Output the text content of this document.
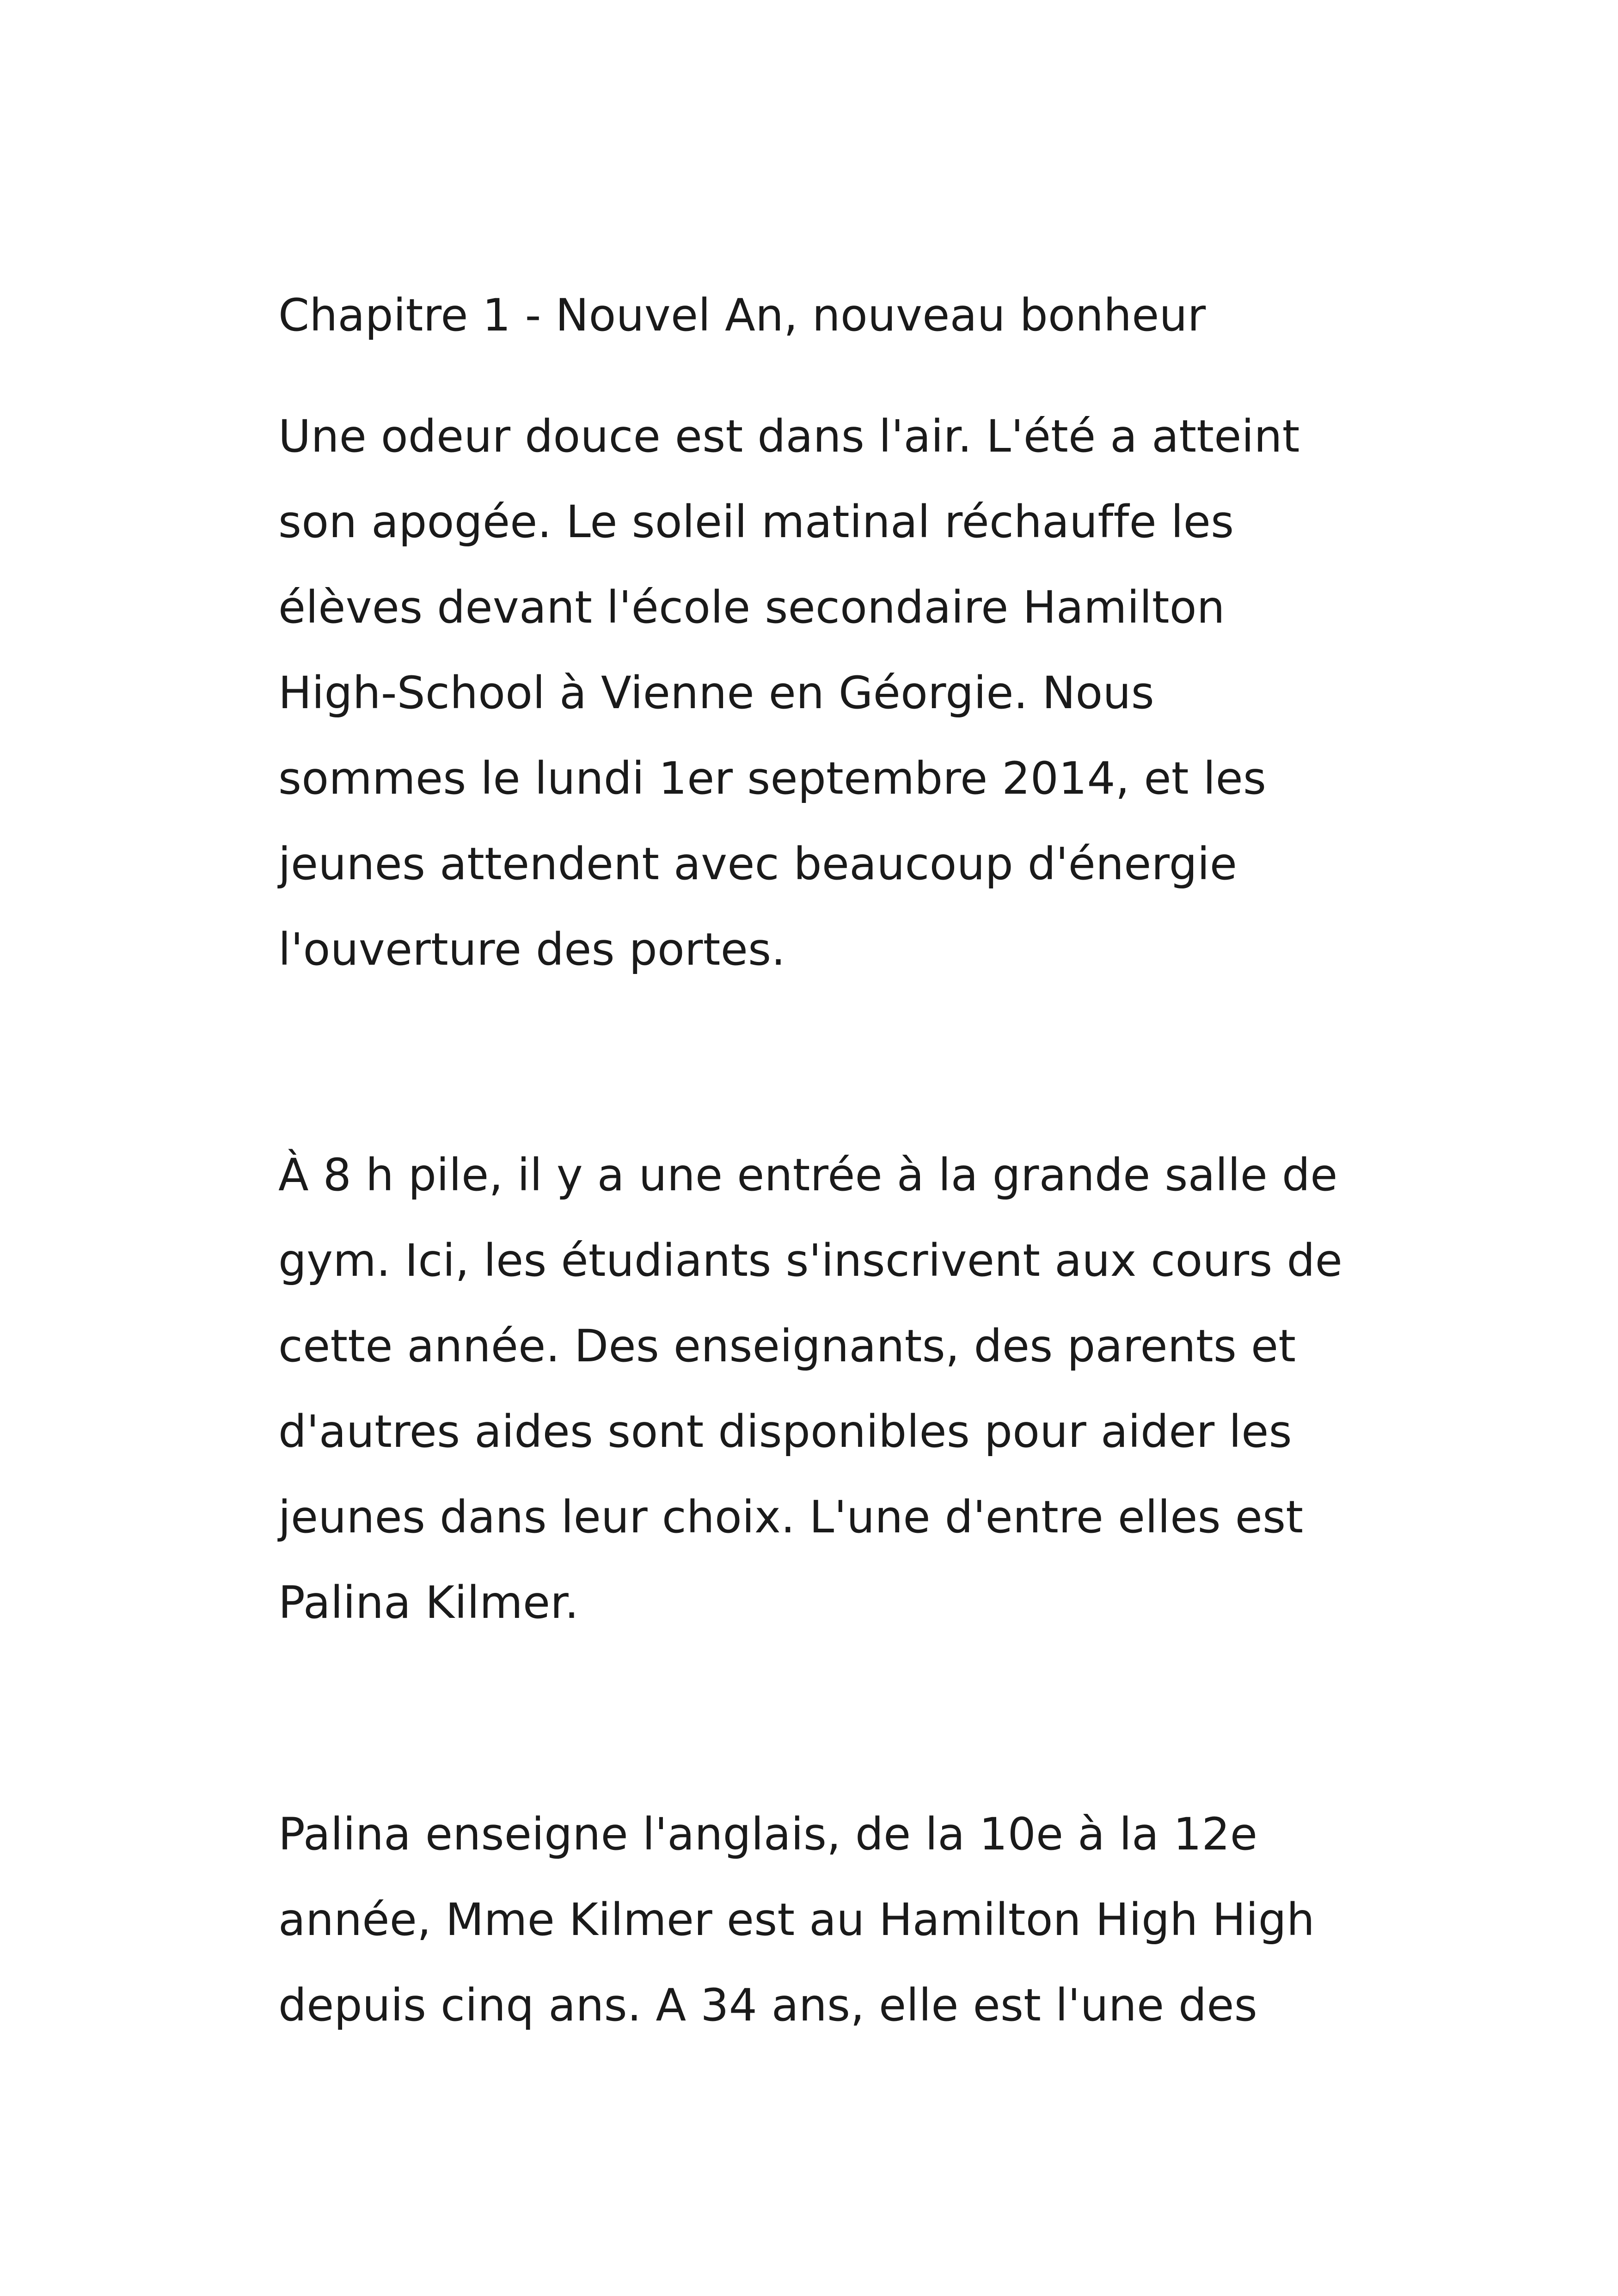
Chapitre 1 - Nouvel An, nouveau bonheur
Une odeur douce est dans l'air. L'été a atteint
son apogée. Le soleil matinal réchauffe les
élèves devant l'école secondaire Hamilton
High-School à Vienne en Géorgie. Nous
sommes le lundi 1er septembre 2014, et les
jeunes attendent avec beaucoup d'énergie
l'ouverture des portes.
À 8 h pile, il y a une entrée à la grande salle de
gym. Ici, les étudiants s'inscrivent aux cours de
cette année. Des enseignants, des parents et
d'autres aides sont disponibles pour aider les
jeunes dans leur choix. L'une d'entre elles est
Palina Kilmer.
Palina enseigne l'anglais, de la 10e à la 12e
année, Mme Kilmer est au Hamilton High High
depuis cinq ans. A 34 ans, elle est l'une des
